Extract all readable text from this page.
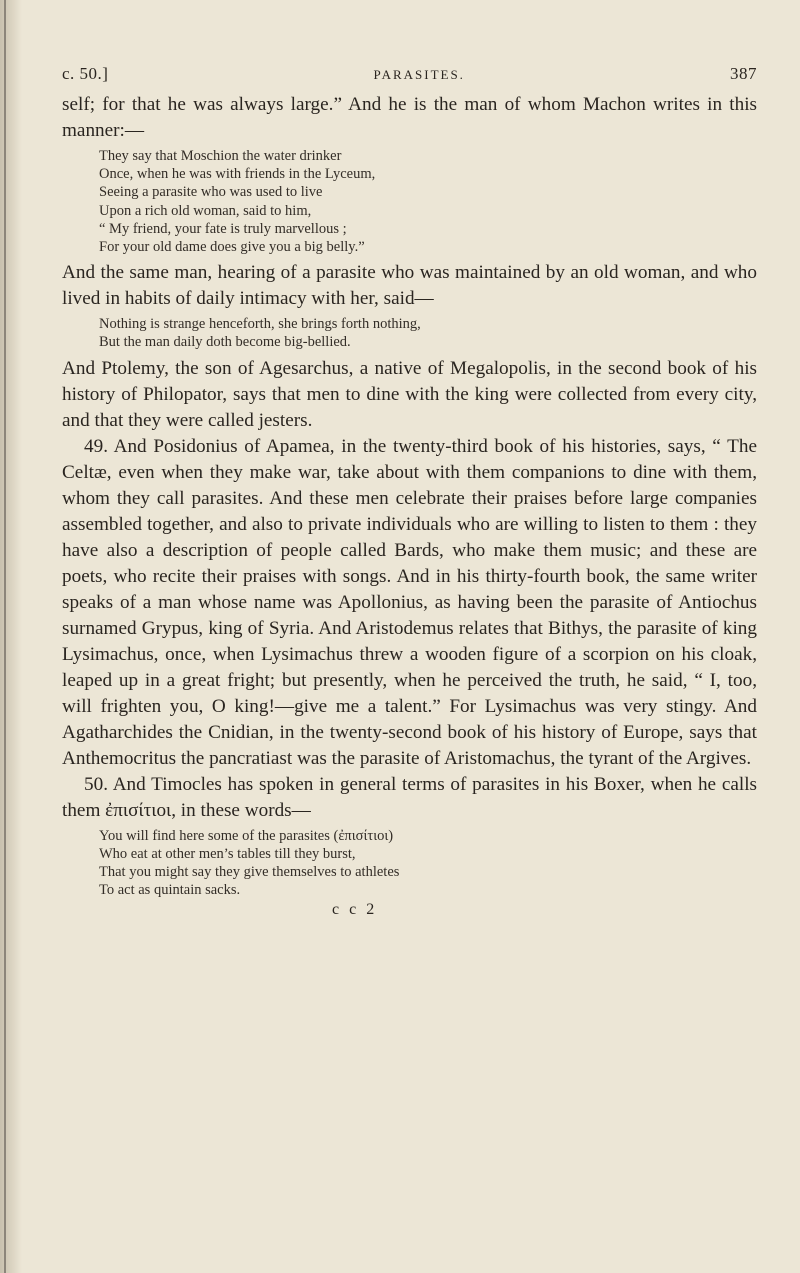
c. 50.]	PARASITES.	387

self; for that he was always large.” And he is the man of whom Machon writes in this manner:—

They say that Moschion the water drinker
Once, when he was with friends in the Lyceum,
Seeing a parasite who was used to live
Upon a rich old woman, said to him,
“ My friend, your fate is truly marvellous ;
For your old dame does give you a big belly.”

And the same man, hearing of a parasite who was maintained by an old woman, and who lived in habits of daily intimacy with her, said—

Nothing is strange henceforth, she brings forth nothing,
But the man daily doth become big-bellied.

And Ptolemy, the son of Agesarchus, a native of Megalopolis, in the second book of his history of Philopator, says that men to dine with the king were collected from every city, and that they were called jesters.

49. And Posidonius of Apamea, in the twenty-third book of his histories, says, “ The Celtæ, even when they make war, take about with them companions to dine with them, whom they call parasites. And these men celebrate their praises before large companies assembled together, and also to private individuals who are willing to listen to them : they have also a description of people called Bards, who make them music; and these are poets, who recite their praises with songs. And in his thirty-fourth book, the same writer speaks of a man whose name was Apollonius, as having been the parasite of Antiochus surnamed Grypus, king of Syria. And Aristodemus relates that Bithys, the parasite of king Lysimachus, once, when Lysimachus threw a wooden figure of a scorpion on his cloak, leaped up in a great fright; but presently, when he perceived the truth, he said, “ I, too, will frighten you, O king!—give me a talent.” For Lysimachus was very stingy. And Agatharchides the Cnidian, in the twenty-second book of his history of Europe, says that Anthemocritus the pancratiast was the parasite of Aristomachus, the tyrant of the Argives.

50. And Timocles has spoken in general terms of parasites in his Boxer, when he calls them ἐπισίτιοι, in these words—

You will find here some of the parasites (ἐπισίτιοι)
Who eat at other men’s tables till they burst,
That you might say they give themselves to athletes
To act as quintain sacks.
c c 2
